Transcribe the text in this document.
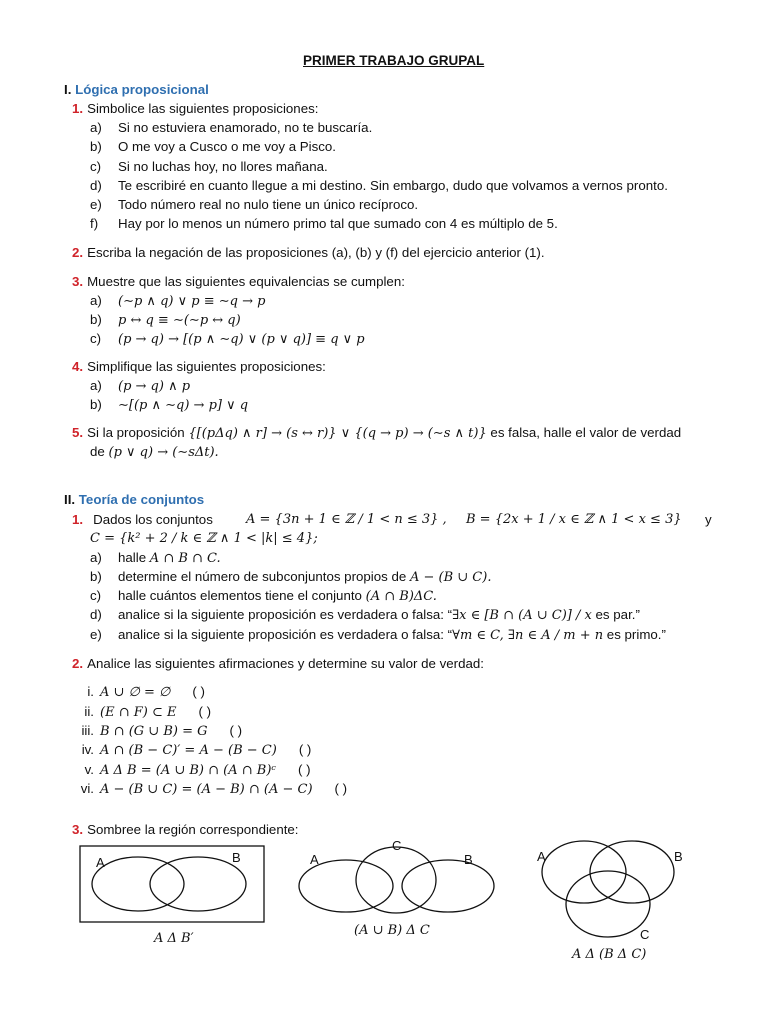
PRIMER TRABAJO GRUPAL
I. Lógica proposicional
1. Simbolice las siguientes proposiciones:
a) Si no estuviera enamorado, no te buscaría.
b) O me voy a Cusco o me voy a Pisco.
c) Si no luchas hoy, no llores mañana.
d) Te escribiré en cuanto llegue a mi destino. Sin embargo, dudo que volvamos a vernos pronto.
e) Todo número real no nulo tiene un único recíproco.
f) Hay por lo menos un número primo tal que sumado con 4 es múltiplo de 5.
2. Escriba la negación de las proposiciones (a), (b) y (f) del ejercicio anterior (1).
3. Muestre que las siguientes equivalencias se cumplen:
a) (∼p ∧ q) ∨ p ≡ ∼q → p
b) p ↔ q ≡ ∼(∼p ↔ q)
c) (p → q) → [(p ∧ ∼q) ∨ (p ∨ q)] ≡ q ∨ p
4. Simplifique las siguientes proposiciones:
a) (p → q) ∧ p
b) ∼[(p ∧ ∼q) → p] ∨ q
5. Si la proposición {[(pΔq) ∧ r] → (s ↔ r)} ∨ {(q → p) → (∼s ∧ t)} es falsa, halle el valor de verdad
de (p ∨ q) → (∼sΔt).
II. Teoría de conjuntos
1. Dados los conjuntos	A = {3n + 1 ∈ ℤ / 1 < n ≤ 3} , B = {2x + 1 / x ∈ ℤ ∧ 1 < x ≤ 3} y
C = {k² + 2 / k ∈ ℤ ∧ 1 < |k| ≤ 4};
a) halle A ∩ B ∩ C.
b) determine el número de subconjuntos propios de A − (B ∪ C).
c) halle cuántos elementos tiene el conjunto (A ∩ B)ΔC.
d) analice si la siguiente proposición es verdadera o falsa: “∃x ∈ [B ∩ (A ∪ C)] / x es par.”
e) analice si la siguiente proposición es verdadera o falsa: “∀m ∈ C, ∃n ∈ A / m + n es primo.”
2. Analice las siguientes afirmaciones y determine su valor de verdad:
i. A ∪ ∅ = ∅ ( )
ii. (E ∩ F) ⊂ E ( )
iii. B ∩ (G ∪ B) = G ( )
iv. A ∩ (B − C)′ = A − (B − C) ( )
v. A Δ B = (A ∪ B) ∩ (A ∩ B)ᶜ ( )
vi. A − (B ∪ C) = (A − B) ∩ (A − C) ( )
3. Sombree la región correspondiente:
A	B
A Δ B′
A
C
B
(A ∪ B) Δ C
A	B
C
A Δ (B Δ C)
